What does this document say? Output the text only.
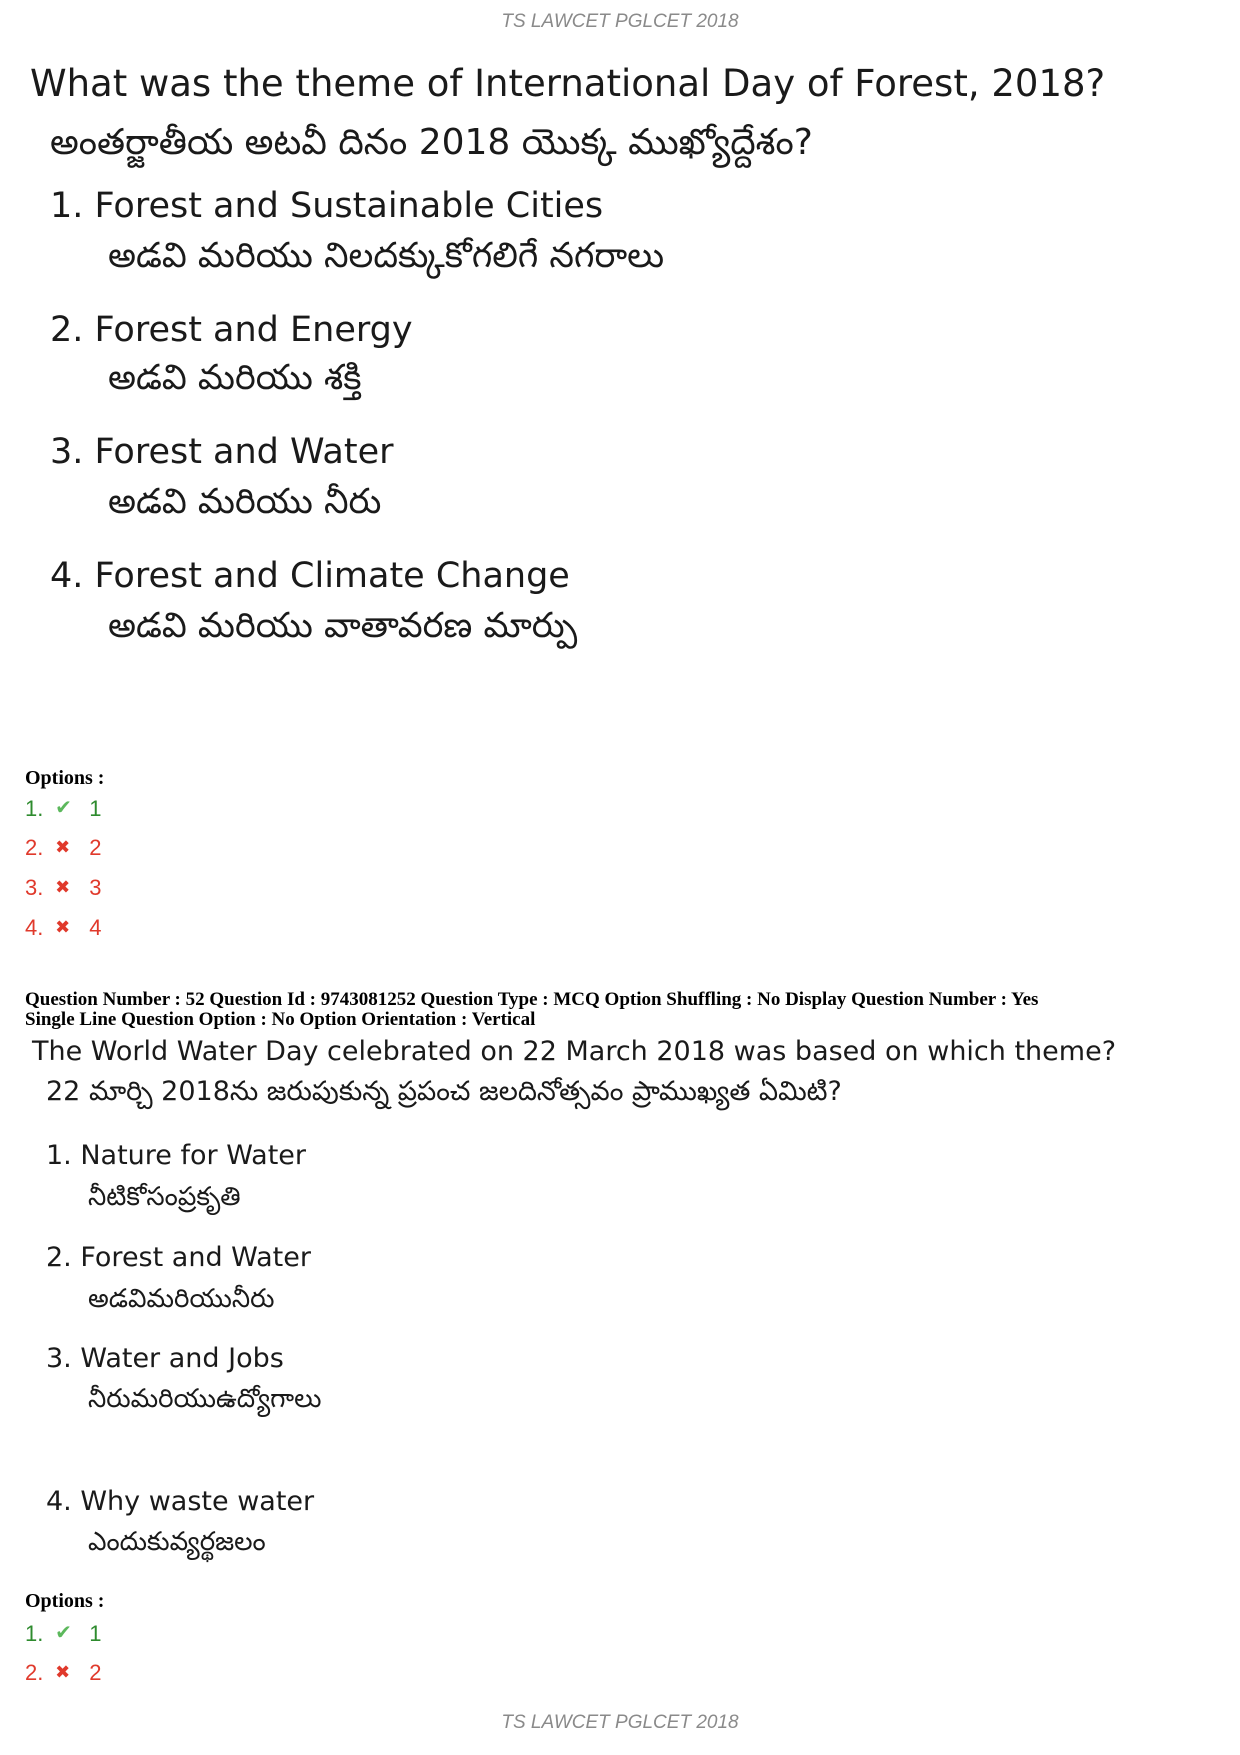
TS LAWCET PGLCET 2018
What was the theme of International Day of Forest, 2018?
అంతర్జాతీయ అటవీ దినం 2018 యొక్క ముఖ్యోద్దేశం?
1. Forest and Sustainable Cities
అడవి మరియు నిలదక్కుకోగలిగే నగరాలు
2. Forest and Energy
అడవి మరియు శక్తి
3. Forest and Water
అడవి మరియు నీరు
4. Forest and Climate Change
అడవి మరియు వాతావరణ మార్పు
Options :
1. ✔ 1
2. ✖ 2
3. ✖ 3
4. ✖ 4
Question Number : 52 Question Id : 9743081252 Question Type : MCQ Option Shuffling : No Display Question Number : Yes
Single Line Question Option : No Option Orientation : Vertical
The World Water Day celebrated on 22 March 2018 was based on which theme?
22 మార్చి 2018ను జరుపుకున్న ప్రపంచ జలదినోత్సవం ప్రాముఖ్యత ఏమిటి?
1. Nature for Water
నీటికోసంప్రకృతి
2. Forest and Water
అడవిమరియునీరు
3. Water and Jobs
నీరుమరియుఉద్యోగాలు
4. Why waste water
ఎందుకువ్యర్థజలం
Options :
1. ✔ 1
2. ✖ 2
TS LAWCET PGLCET 2018
